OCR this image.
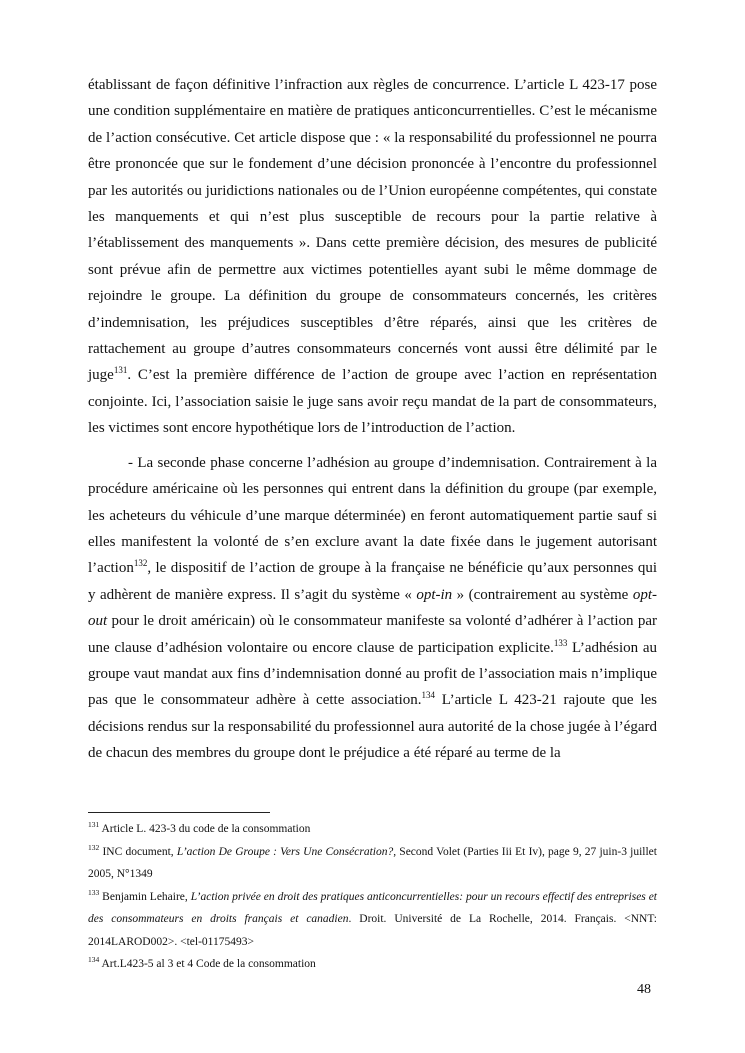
établissant de façon définitive l’infraction aux règles de concurrence. L’article L 423-17 pose une condition supplémentaire en matière de pratiques anticoncurrentielles. C’est le mécanisme de l’action consécutive. Cet article dispose que : « la responsabilité du professionnel ne pourra être prononcée que sur le fondement d’une décision prononcée à l’encontre du professionnel par les autorités ou juridictions nationales ou de l’Union européenne compétentes, qui constate les manquements et qui n’est plus susceptible de recours pour la partie relative à l’établissement des manquements ». Dans cette première décision, des mesures de publicité sont prévue afin de permettre aux victimes potentielles ayant subi le même dommage de rejoindre le groupe. La définition du groupe de consommateurs concernés, les critères d’indemnisation, les préjudices susceptibles d’être réparés, ainsi que les critères de rattachement au groupe d’autres consommateurs concernés vont aussi être délimité par le juge$^{131}$. C’est la première différence de l’action de groupe avec l’action en représentation conjointe. Ici, l’association saisie le juge sans avoir reçu mandat de la part de consommateurs, les victimes sont encore hypothétique lors de l’introduction de l’action.

- La seconde phase concerne l’adhésion au groupe d’indemnisation. Contrairement à la procédure américaine où les personnes qui entrent dans la définition du groupe (par exemple, les acheteurs du véhicule d’une marque déterminée) en feront automatiquement partie sauf si elles manifestent la volonté de s’en exclure avant la date fixée dans le jugement autorisant l’action$^{132}$, le dispositif de l’action de groupe à la française ne bénéficie qu’aux personnes qui y adhèrent de manière express. Il s’agit du système « opt-in » (contrairement au système opt-out pour le droit américain) où le consommateur manifeste sa volonté d’adhérer à l’action par une clause d’adhésion volontaire ou encore clause de participation explicite.$^{133}$ L’adhésion au groupe vaut mandat aux fins d’indemnisation donné au profit de l’association mais n’implique pas que le consommateur adhère à cette association.$^{134}$ L’article L 423-21 rajoute que les décisions rendus sur la responsabilité du professionnel aura autorité de la chose jugée à l’égard de chacun des membres du groupe dont le préjudice a été réparé au terme de la

$^{131}$ Article L. 423-3 du code de la consommation

$^{132}$ INC document, L’action De Groupe : Vers Une Consécration?, Second Volet (Parties Iii Et Iv), page 9, 27 juin-3 juillet 2005, N°1349

$^{133}$ Benjamin Lehaire, L’action privée en droit des pratiques anticoncurrentielles: pour un recours effectif des entreprises et des consommateurs en droits français et canadien. Droit. Université de La Rochelle, 2014. Français. <NNT: 2014LAROD002>. <tel-01175493>

$^{134}$ Art.L423-5 al 3 et 4 Code de la consommation

48
